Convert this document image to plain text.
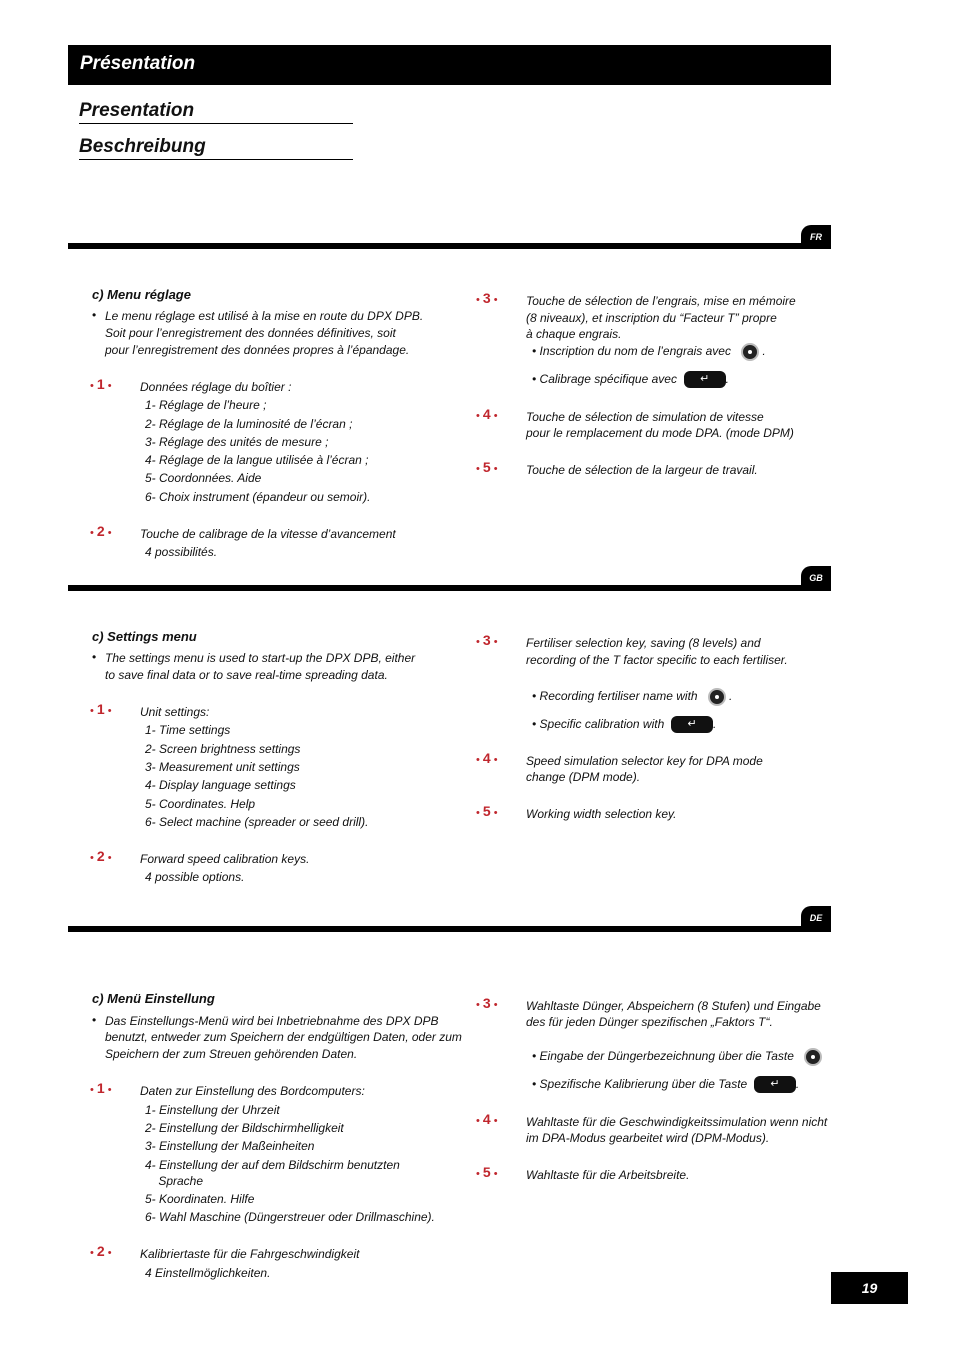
Présentation
Presentation
Beschreibung
FR
c) Menu réglage
• Le menu réglage est utilisé à la mise en route du DPX DPB.
Soit pour l’enregistrement des données définitives, soit
pour l’enregistrement des données propres à l’épandage.
• 1 • Données réglage du boîtier :
1- Réglage de l’heure ;
2- Réglage de la luminosité de l’écran ;
3- Réglage des unités de mesure ;
4- Réglage de la langue utilisée à l’écran ;
5- Coordonnées. Aide
6- Choix instrument (épandeur ou semoir).
• 2 • Touche de calibrage de la vitesse d’avancement
4 possibilités.
• 3 • Touche de sélection de l’engrais, mise en mémoire
(8 niveaux), et inscription du “Facteur T” propre
à chaque engrais.
• Inscription du nom de l’engrais avec    .
• Calibrage spécifique avec ↵ .
• 4 • Touche de sélection de simulation de vitesse
pour le remplacement du mode DPA. (mode DPM)
• 5 • Touche de sélection de la largeur de travail.
GB
c) Settings menu
• The settings menu is used to start-up the DPX DPB, either
to save final data or to save real-time spreading data.
• 1 • Unit settings:
1- Time settings
2- Screen brightness settings
3- Measurement unit settings
4- Display language settings
5- Coordinates. Help
6- Select machine (spreader or seed drill).
• 2 • Forward speed calibration keys.
4 possible options.
• 3 • Fertiliser selection key, saving (8 levels) and
recording of the T factor specific to each fertiliser.
• Recording fertiliser name with    .
• Specific calibration with ↵ .
• 4 • Speed simulation selector key for DPA mode
change (DPM mode).
• 5 • Working width selection key.
DE
c) Menü Einstellung
• Das Einstellungs-Menü wird bei Inbetriebnahme des DPX DPB
benutzt, entweder zum Speichern der endgültigen Daten, oder zum
Speichern der zum Streuen gehörenden Daten.
• 1 • Daten zur Einstellung des Bordcomputers:
1- Einstellung der Uhrzeit
2- Einstellung der Bildschirmhelligkeit
3- Einstellung der Maßeinheiten
4- Einstellung der auf dem Bildschirm benutzten
Sprache
5- Koordinaten. Hilfe
6- Wahl Maschine (Düngerstreuer oder Drillmaschine).
• 2 • Kalibriertaste für die Fahrgeschwindigkeit
4 Einstellmöglichkeiten.
• 3 • Wahltaste Dünger, Abspeichern (8 Stufen) und Eingabe
des für jeden Dünger spezifischen „Faktors T“.
• Eingabe der Düngerbezeichnung über die Taste
• Spezifische Kalibrierung über die Taste ↵ .
• 4 • Wahltaste für die Geschwindigkeitssimulation wenn nicht
im DPA-Modus gearbeitet wird (DPM-Modus).
• 5 • Wahltaste für die Arbeitsbreite.
19
